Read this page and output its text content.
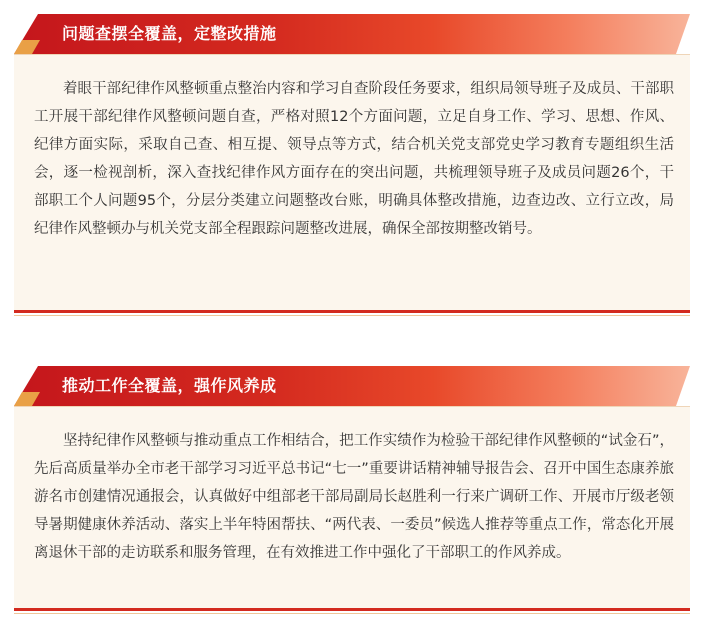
问题查摆全覆盖，定整改措施

着眼干部纪律作风整顿重点整治内容和学习自查阶段任务要求，组织局领导班子及成员、干部职工开展干部纪律作风整顿问题自查，严格对照12个方面问题，立足自身工作、学习、思想、作风、纪律方面实际，采取自己查、相互提、领导点等方式，结合机关党支部党史学习教育专题组织生活会，逐一检视剖析，深入查找纪律作风方面存在的突出问题，共梳理领导班子及成员问题26个，干部职工个人问题95个，分层分类建立问题整改台账，明确具体整改措施，边查边改、立行立改，局纪律作风整顿办与机关党支部全程跟踪问题整改进展，确保全部按期整改销号。

推动工作全覆盖，强作风养成

坚持纪律作风整顿与推动重点工作相结合，把工作实绩作为检验干部纪律作风整顿的“试金石”，先后高质量举办全市老干部学习习近平总书记“七一”重要讲话精神辅导报告会、召开中国生态康养旅游名市创建情况通报会，认真做好中组部老干部局副局长赵胜利一行来广调研工作、开展市厅级老领导暑期健康休养活动、落实上半年特困帮扶、“两代表、一委员”候选人推荐等重点工作，常态化开展离退休干部的走访联系和服务管理，在有效推进工作中强化了干部职工的作风养成。
